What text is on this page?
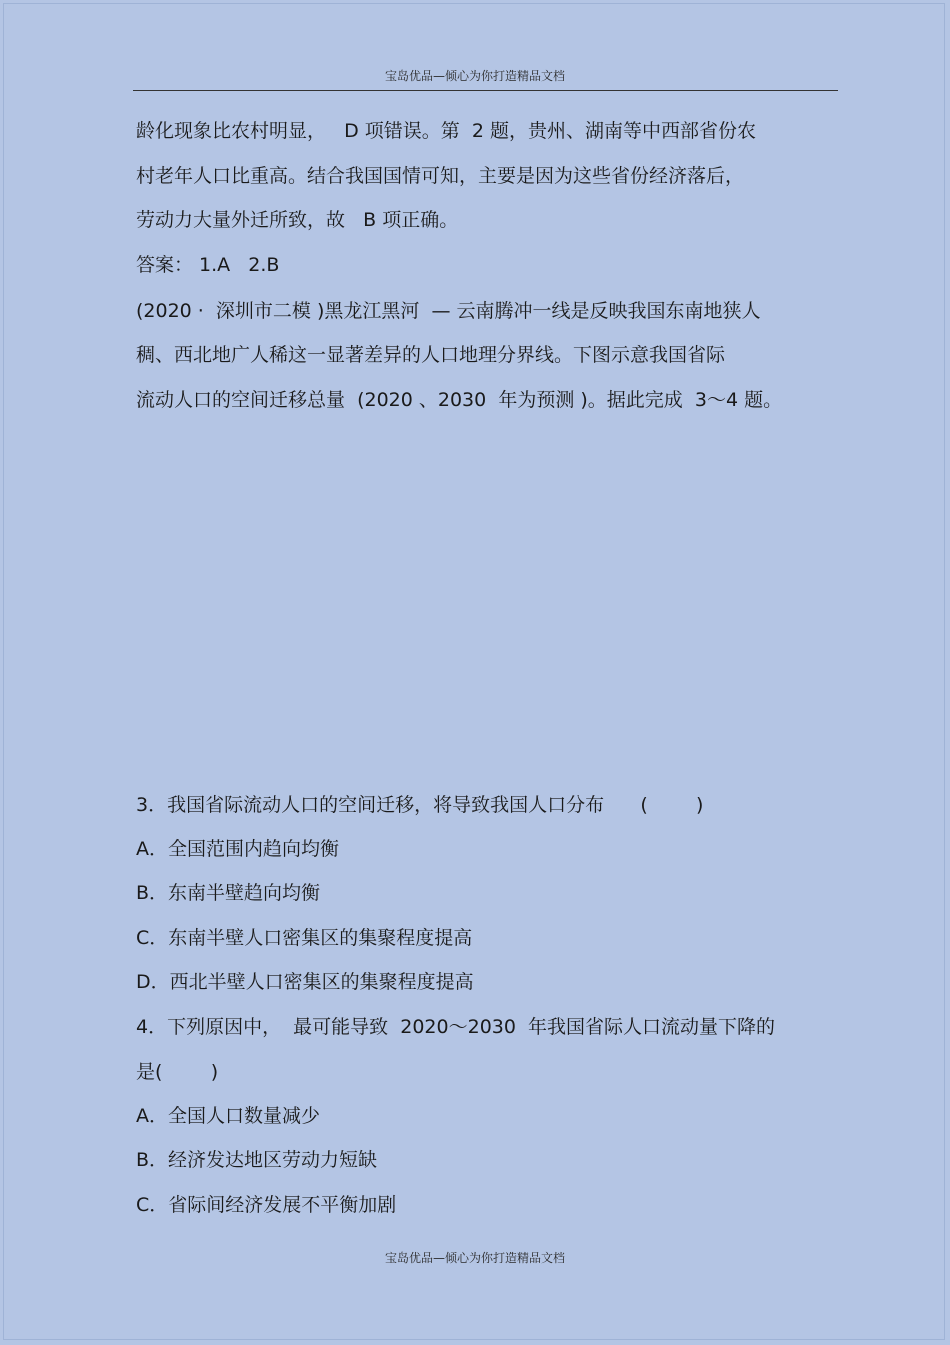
宝岛优品—倾心为你打造精品文档
龄化现象比农村明显，   D 项错误。第  2 题，贵州、湖南等中西部省份农
村老年人口比重高。结合我国国情可知，主要是因为这些省份经济落后，
劳动力大量外迁所致，故   B 项正确。
答案： 1.A   2.B
(2020 ·  深圳市二模 )黑龙江黑河  — 云南腾冲一线是反映我国东南地狭人
稠、西北地广人稀这一显著差异的人口地理分界线。下图示意我国省际
流动人口的空间迁移总量  (2020 、2030  年为预测 )。据此完成  3～4 题。
3．我国省际流动人口的空间迁移，将导致我国人口分布      (        )
A．全国范围内趋向均衡
B．东南半壁趋向均衡
C．东南半壁人口密集区的集聚程度提高
D．西北半壁人口密集区的集聚程度提高
4．下列原因中，  最可能导致  2020～2030  年我国省际人口流动量下降的
是(        )
A．全国人口数量减少
B．经济发达地区劳动力短缺
C．省际间经济发展不平衡加剧
宝岛优品—倾心为你打造精品文档
